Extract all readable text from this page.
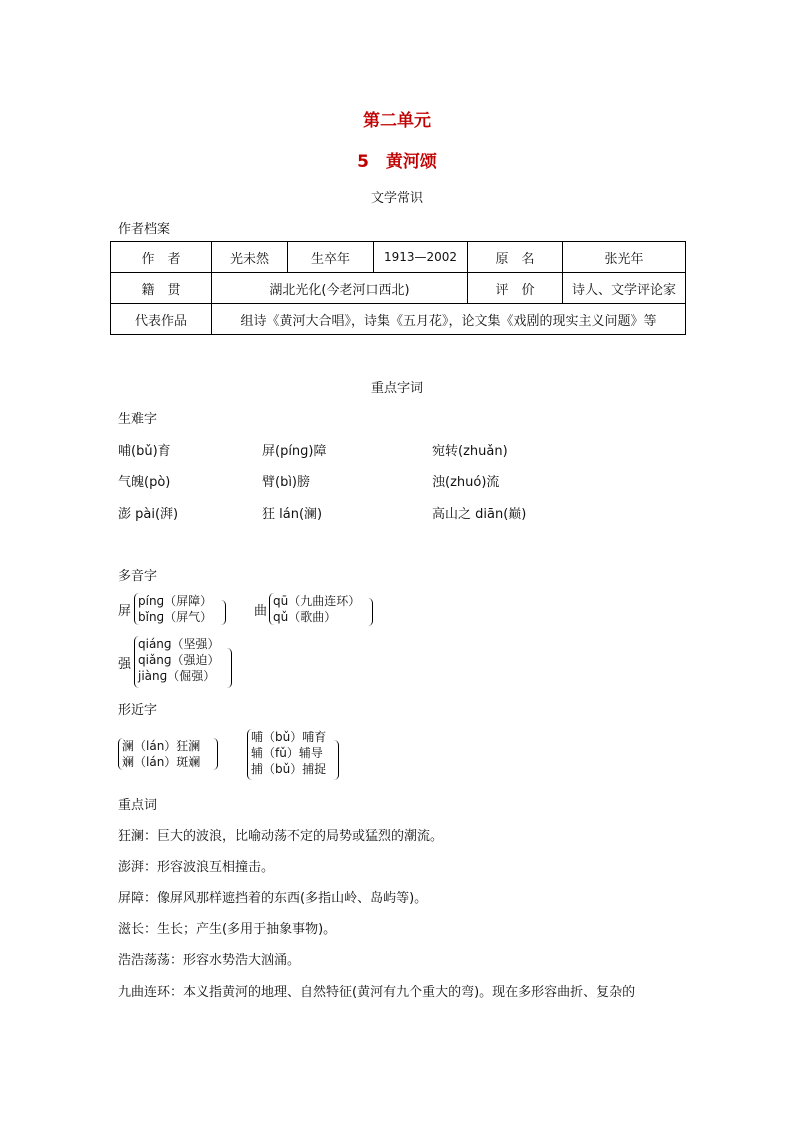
第二单元
5　黄河颂
文学常识
作者档案
作　者	光未然	生卒年	1913—2002	原　名	张光年
籍　贯	湖北光化(今老河口西北)			评　价	诗人、文学评论家
代表作品	组诗《黄河大合唱》，诗集《五月花》，论文集《戏剧的现实主义问题》等				
重点字词
生难字
哺(bǔ)育	屏(pínɡ)障	宛转(zhuǎn)
气魄(pò)	臂(bì)膀	浊(zhuó)流
澎 pài(湃)	狂 lán(澜)	高山之 diān(巅)
多音字
屏
pínɡ（屏障）
bǐnɡ（屏气）	曲
qū（九曲连环）
qǔ（歌曲）
强
qiánɡ（坚强）
qiǎnɡ（强迫）
jiànɡ（倔强）
形近字
澜（lán）狂澜
斓（lán）斑斓
哺（bǔ）哺育
辅（fǔ）辅导
捕（bǔ）捕捉
重点词
狂澜：巨大的波浪，比喻动荡不定的局势或猛烈的潮流。
澎湃：形容波浪互相撞击。
屏障：像屏风那样遮挡着的东西(多指山岭、岛屿等)。
滋长：生长；产生(多用于抽象事物)。
浩浩荡荡：形容水势浩大汹涌。
九曲连环：本义指黄河的地理、自然特征(黄河有九个重大的弯)。现在多形容曲折、复杂的
